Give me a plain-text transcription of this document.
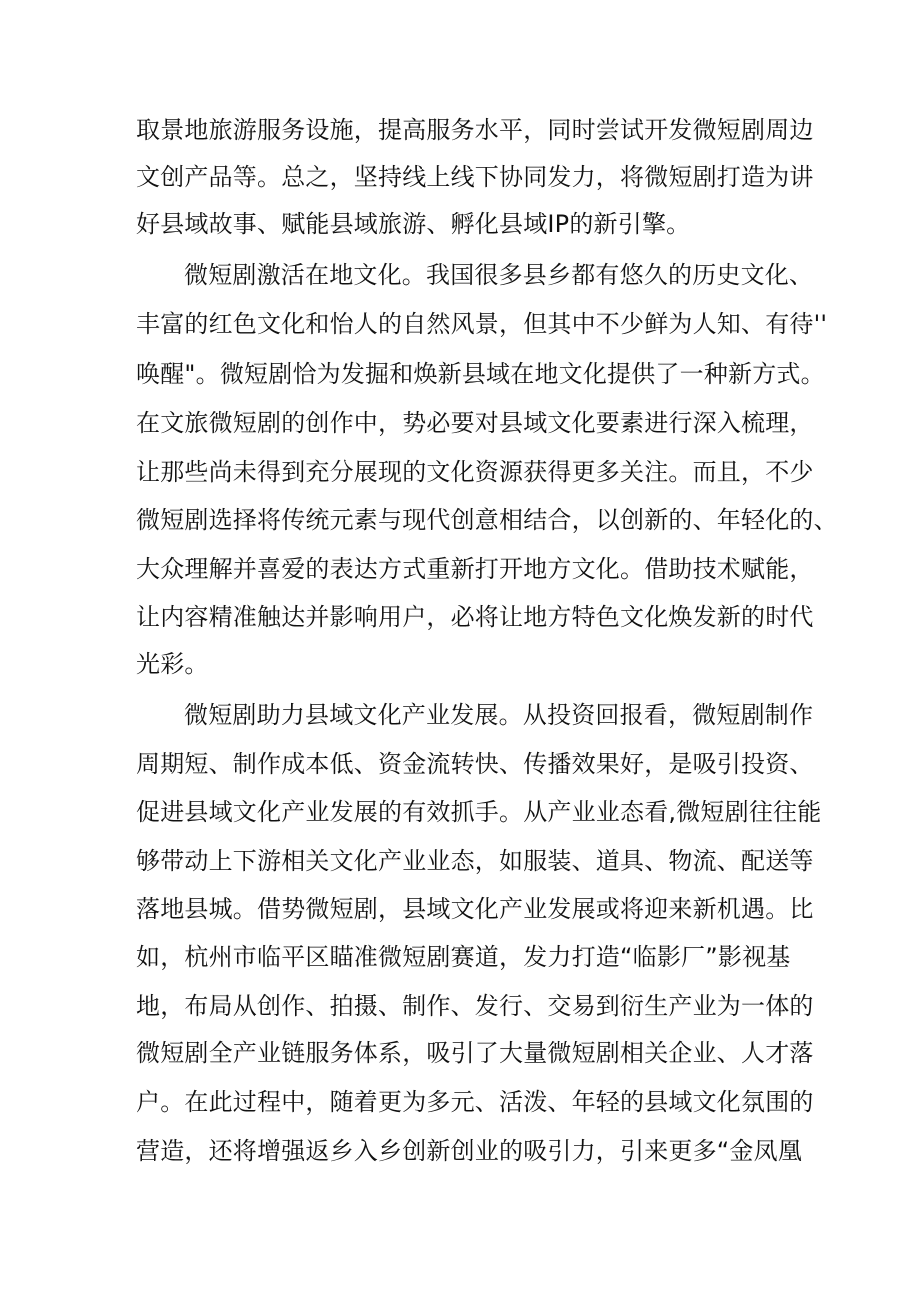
取景地旅游服务设施，提高服务水平，同时尝试开发微短剧周边
文创产品等。总之，坚持线上线下协同发力，将微短剧打造为讲
好县域故事、赋能县域旅游、孵化县域IP的新引擎。
微短剧激活在地文化。我国很多县乡都有悠久的历史文化、
丰富的红色文化和怡人的自然风景，但其中不少鲜为人知、有待''
唤醒"。微短剧恰为发掘和焕新县域在地文化提供了一种新方式。
在文旅微短剧的创作中，势必要对县域文化要素进行深入梳理，
让那些尚未得到充分展现的文化资源获得更多关注。而且，不少
微短剧选择将传统元素与现代创意相结合，以创新的、年轻化的、
大众理解并喜爱的表达方式重新打开地方文化。借助技术赋能，
让内容精准触达并影响用户，必将让地方特色文化焕发新的时代
光彩。
微短剧助力县域文化产业发展。从投资回报看，微短剧制作
周期短、制作成本低、资金流转快、传播效果好，是吸引投资、
促进县域文化产业发展的有效抓手。从产业业态看,微短剧往往能
够带动上下游相关文化产业业态，如服装、道具、物流、配送等
落地县城。借势微短剧，县域文化产业发展或将迎来新机遇。比
如，杭州市临平区瞄准微短剧赛道，发力打造“临影厂”影视基
地，布局从创作、拍摄、制作、发行、交易到衍生产业为一体的
微短剧全产业链服务体系，吸引了大量微短剧相关企业、人才落
户。在此过程中，随着更为多元、活泼、年轻的县域文化氛围的
营造，还将增强返乡入乡创新创业的吸引力，引来更多“金凤凰
